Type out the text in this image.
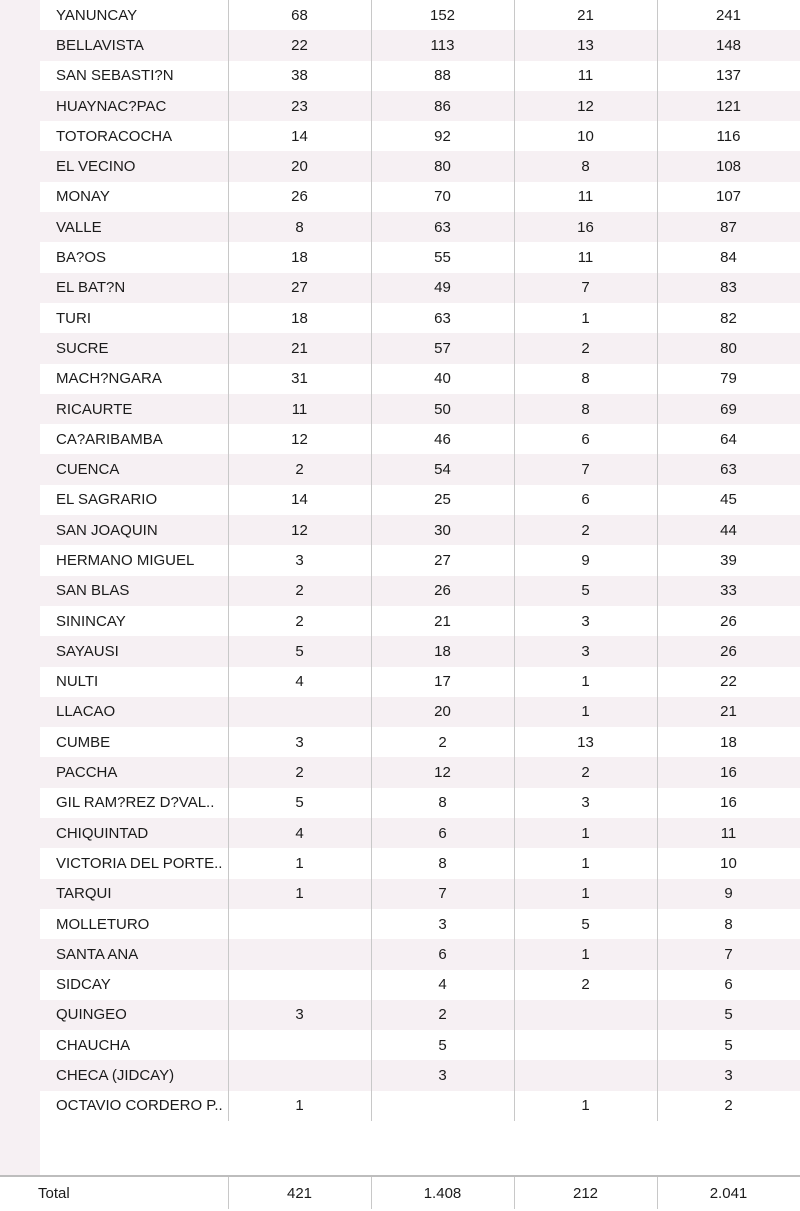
YANUNCAY	68	152	21	241
BELLAVISTA	22	113	13	148
SAN SEBASTI?N	38	88	11	137
HUAYNAC?PAC	23	86	12	121
TOTORACOCHA	14	92	10	116
EL VECINO	20	80	8	108
MONAY	26	70	11	107
VALLE	8	63	16	87
BA?OS	18	55	11	84
EL BAT?N	27	49	7	83
TURI	18	63	1	82
SUCRE	21	57	2	80
MACH?NGARA	31	40	8	79
RICAURTE	11	50	8	69
CA?ARIBAMBA	12	46	6	64
CUENCA	2	54	7	63
EL SAGRARIO	14	25	6	45
SAN JOAQUIN	12	30	2	44
HERMANO MIGUEL	3	27	9	39
SAN BLAS	2	26	5	33
SININCAY	2	21	3	26
SAYAUSI	5	18	3	26
NULTI	4	17	1	22
LLACAO		20	1	21
CUMBE	3	2	13	18
PACCHA	2	12	2	16
GIL RAM?REZ D?VAL..	5	8	3	16
CHIQUINTAD	4	6	1	11
VICTORIA DEL PORTE..	1	8	1	10
TARQUI	1	7	1	9
MOLLETURO		3	5	8
SANTA ANA		6	1	7
SIDCAY		4	2	6
QUINGEO	3	2		5
CHAUCHA		5		5
CHECA (JIDCAY)		3		3
OCTAVIO CORDERO P..	1		1	2
Total	421	1.408	212	2.041
